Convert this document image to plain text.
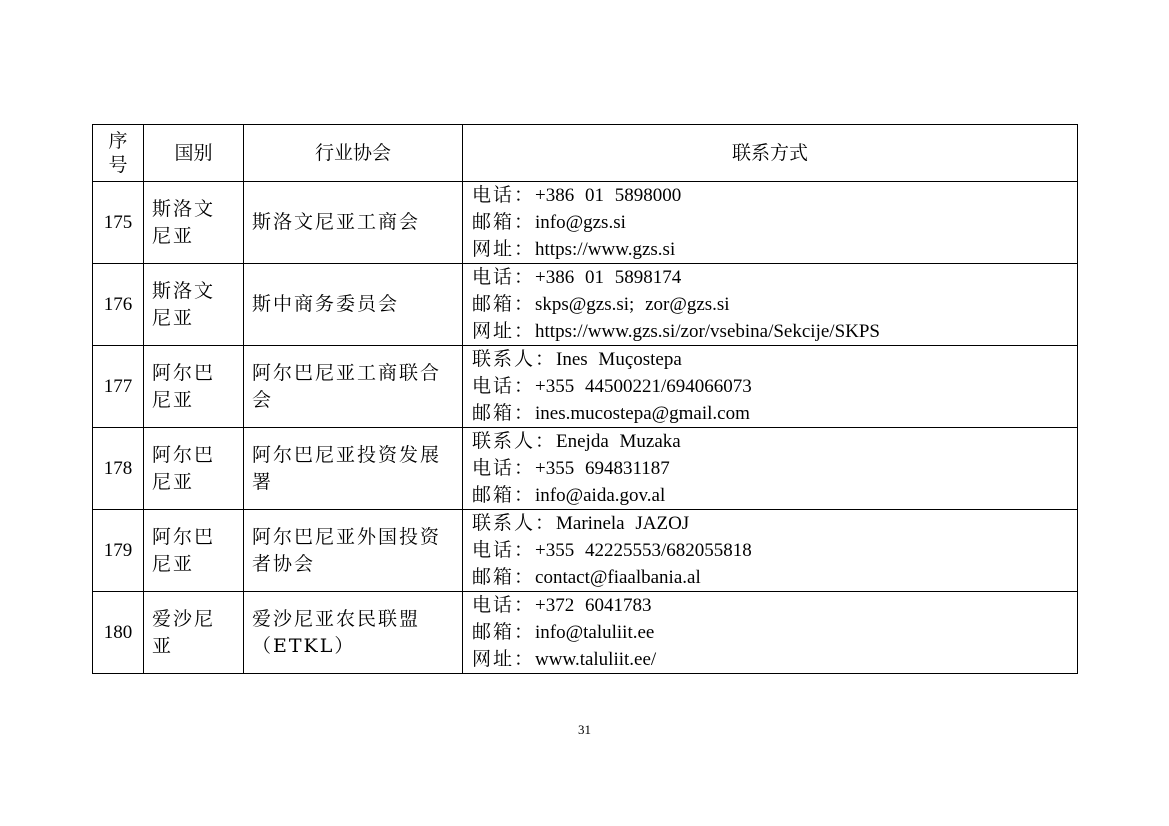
序号	国别	行业协会	联系方式
175	斯洛文尼亚	斯洛文尼亚工商会	电话：+386 01 5898000
邮箱：info@gzs.si
网址：https://www.gzs.si

176	斯洛文尼亚	斯中商务委员会	电话：+386 01 5898174
邮箱：skps@gzs.si; zor@gzs.si
网址：https://www.gzs.si/zor/vsebina/Sekcije/SKPS

177	阿尔巴尼亚	阿尔巴尼亚工商联合会	联系人：Ines Muçostepa
电话：+355 44500221/694066073
邮箱：ines.mucostepa@gmail.com

178	阿尔巴尼亚	阿尔巴尼亚投资发展署	联系人：Enejda Muzaka
电话：+355 694831187
邮箱：info@aida.gov.al

179	阿尔巴尼亚	阿尔巴尼亚外国投资者协会	联系人：Marinela JAZOJ
电话：+355 42225553/682055818
邮箱：contact@fiaalbania.al

180	爱沙尼亚	爱沙尼亚农民联盟（ETKL）	电话：+372 6041783
邮箱：info@taluliit.ee
网址：www.taluliit.ee/
31
